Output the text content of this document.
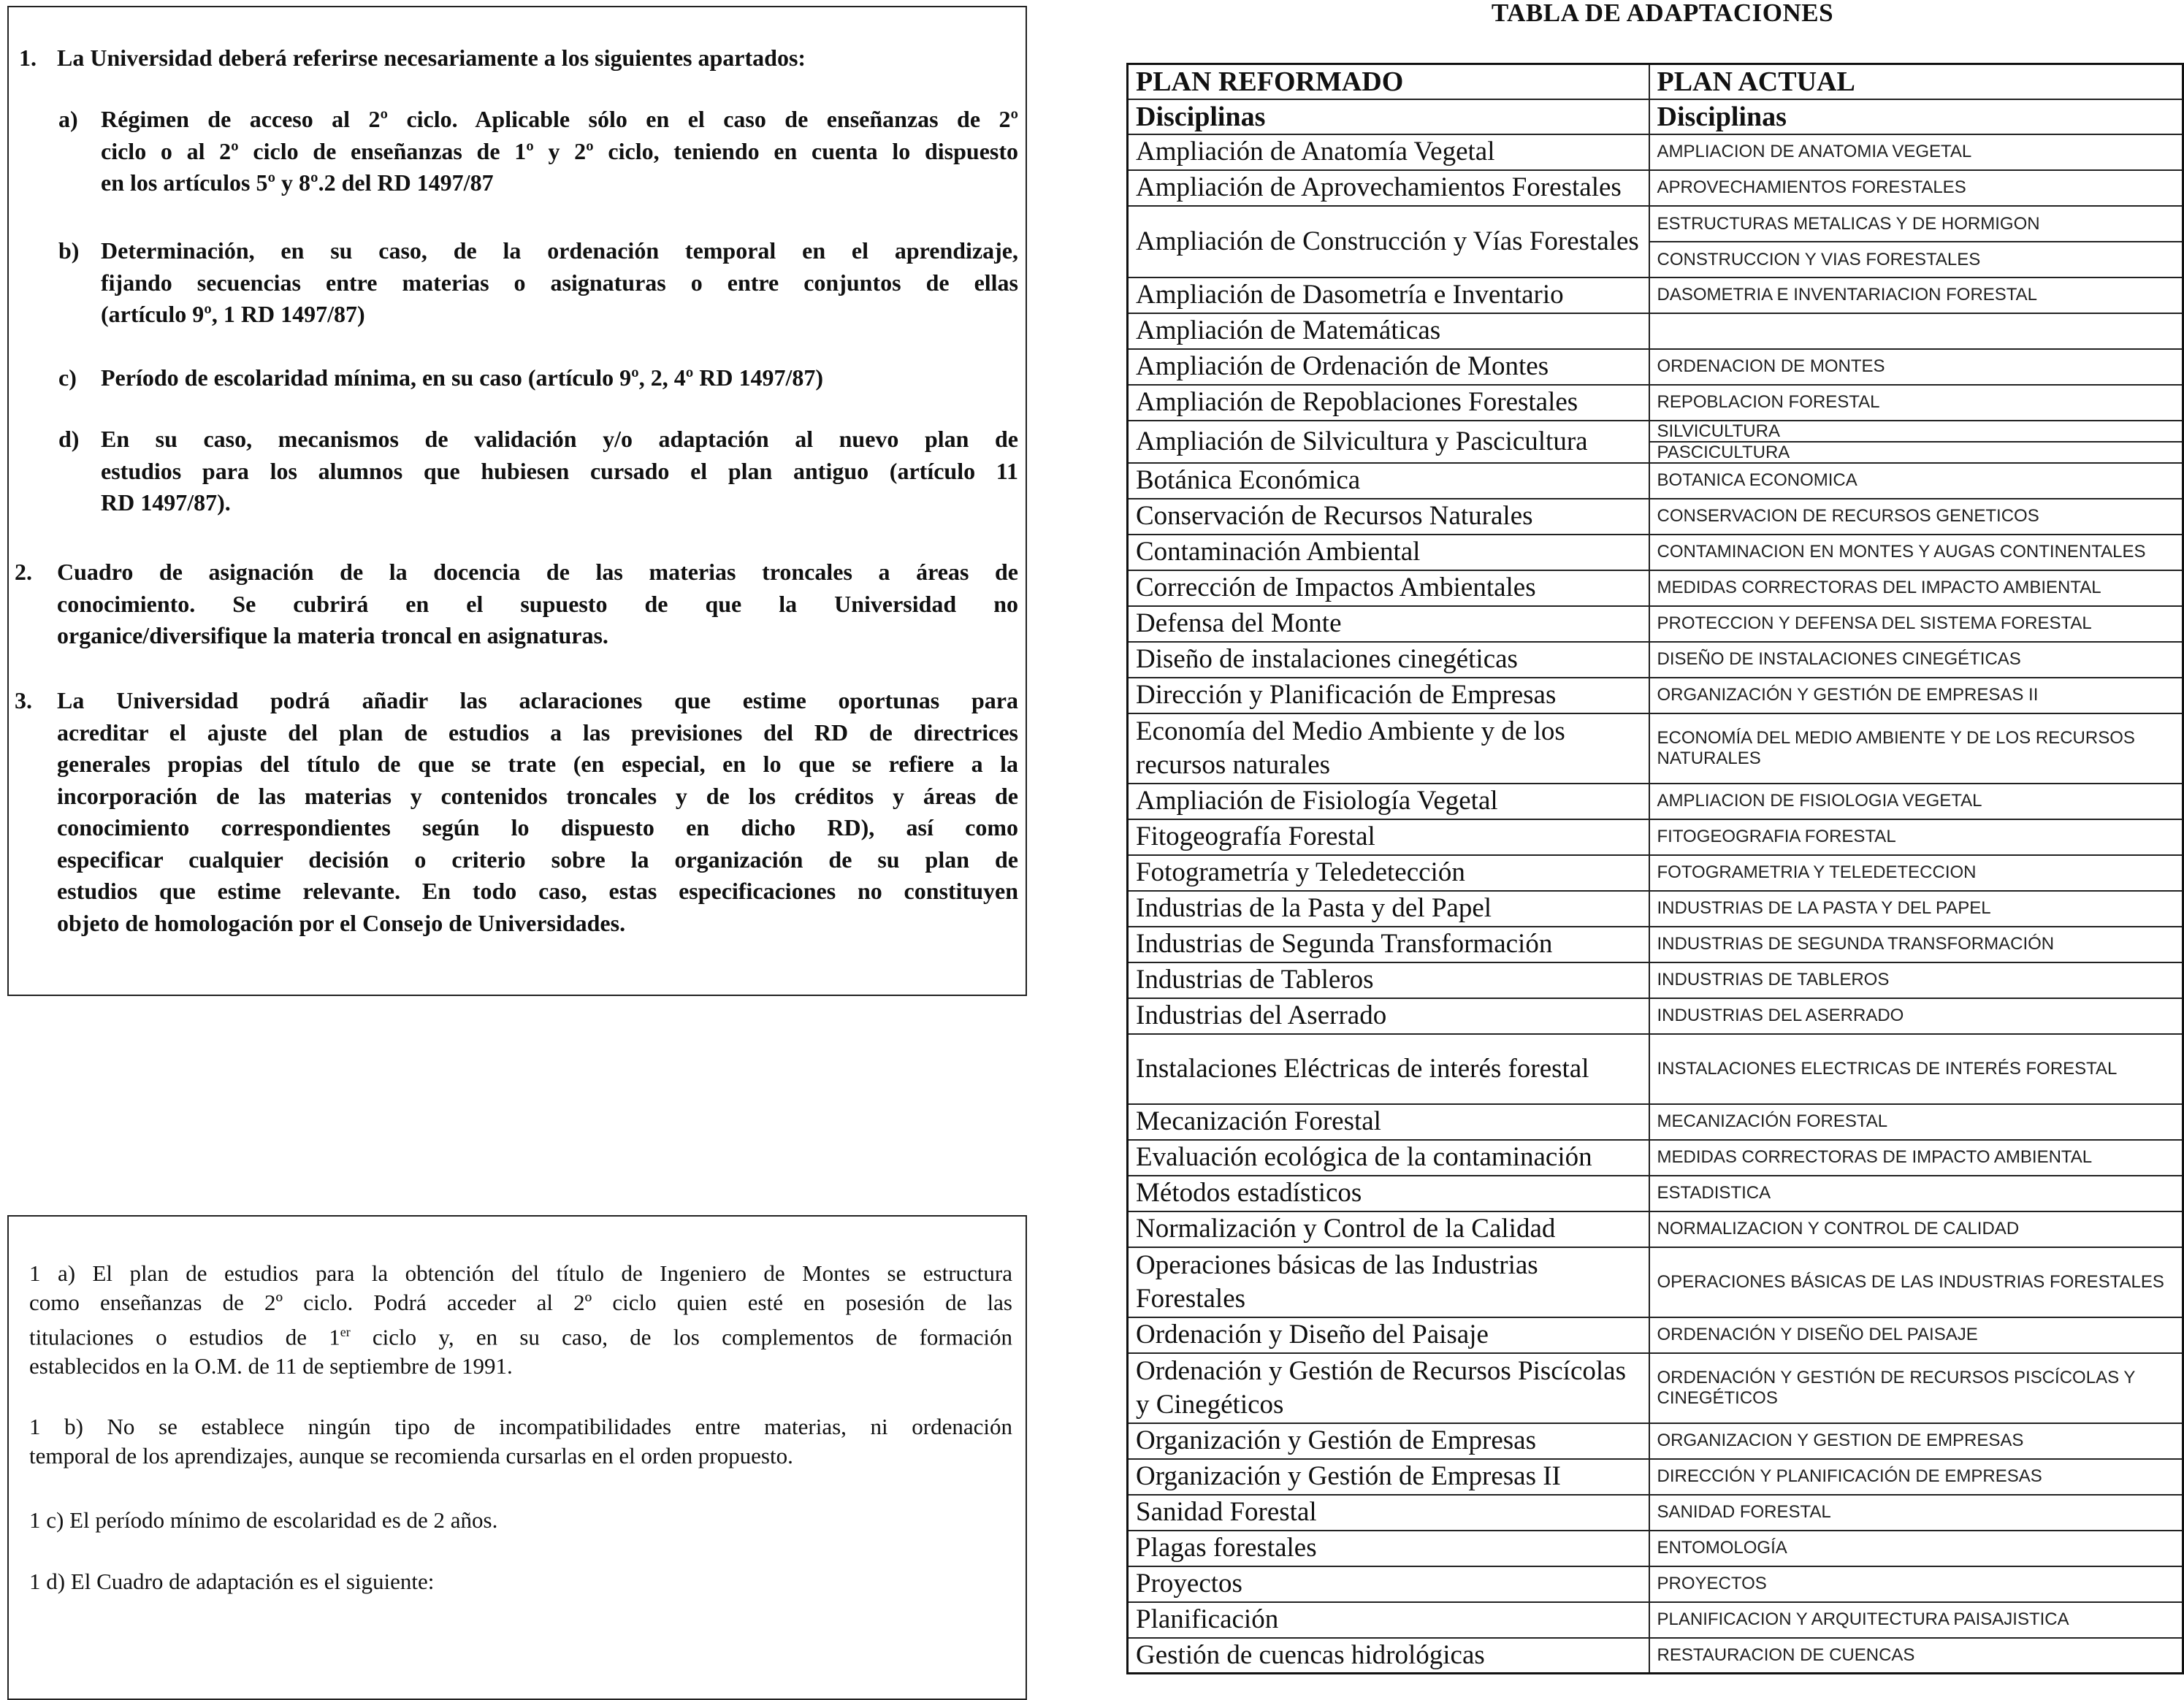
1. La Universidad deberá referirse necesariamente a los siguientes apartados:
a) Régimen de acceso al 2º ciclo. Aplicable sólo en el caso de enseñanzas de 2º
ciclo o al 2º ciclo de enseñanzas de 1º y 2º ciclo, teniendo en cuenta lo dispuesto
en los artículos 5º y 8º.2 del RD 1497/87
b) Determinación, en su caso, de la ordenación temporal en el aprendizaje,
fijando secuencias entre materias o asignaturas o entre conjuntos de ellas
(artículo 9º, 1 RD 1497/87)
c) Período de escolaridad mínima, en su caso (artículo 9º, 2, 4º RD 1497/87)
d) En su caso, mecanismos de validación y/o adaptación al nuevo plan de
estudios para los alumnos que hubiesen cursado el plan antiguo (artículo 11
RD 1497/87).
2. Cuadro de asignación de la docencia de las materias troncales a áreas de
conocimiento. Se cubrirá en el supuesto de que la Universidad no
organice/diversifique la materia troncal en asignaturas.
3. La Universidad podrá añadir las aclaraciones que estime oportunas para
acreditar el ajuste del plan de estudios a las previsiones del RD de directrices
generales propias del título de que se trate (en especial, en lo que se refiere a la
incorporación de las materias y contenidos troncales y de los créditos y áreas de
conocimiento correspondientes según lo dispuesto en dicho RD), así como
especificar cualquier decisión o criterio sobre la organización de su plan de
estudios que estime relevante. En todo caso, estas especificaciones no constituyen
objeto de homologación por el Consejo de Universidades.
1 a) El plan de estudios para la obtención del título de Ingeniero de Montes se estructura
como enseñanzas de 2º ciclo. Podrá acceder al 2º ciclo quien esté en posesión de las
titulaciones o estudios de 1er ciclo y, en su caso, de los complementos de formación
establecidos en la O.M. de 11 de septiembre de 1991.
1 b) No se establece ningún tipo de incompatibilidades entre materias, ni ordenación
temporal de los aprendizajes, aunque se recomienda cursarlas en el orden propuesto.
1 c) El período mínimo de escolaridad es de 2 años.
1 d) El Cuadro de adaptación es el siguiente:
TABLA DE ADAPTACIONES
PLAN REFORMADO	PLAN ACTUAL
Disciplinas	Disciplinas
Ampliación de Anatomía Vegetal	AMPLIACION DE ANATOMIA VEGETAL
Ampliación de Aprovechamientos Forestales	APROVECHAMIENTOS FORESTALES
Ampliación de Construcción y Vías Forestales	ESTRUCTURAS METALICAS Y DE HORMIGON
CONSTRUCCION Y VIAS FORESTALES

Ampliación de Dasometría e Inventario	DASOMETRIA E INVENTARIACION FORESTAL
Ampliación de Matemáticas	
Ampliación de Ordenación de Montes	ORDENACION DE MONTES
Ampliación de Repoblaciones Forestales	REPOBLACION FORESTAL
Ampliación de Silvicultura y Pascicultura	SILVICULTURA
PASCICULTURA

Botánica Económica	BOTANICA ECONOMICA
Conservación de Recursos Naturales	CONSERVACION DE RECURSOS GENETICOS
Contaminación Ambiental	CONTAMINACION EN MONTES Y AUGAS CONTINENTALES
Corrección de Impactos Ambientales	MEDIDAS CORRECTORAS DEL IMPACTO AMBIENTAL
Defensa del Monte	PROTECCION Y DEFENSA DEL SISTEMA FORESTAL
Diseño de instalaciones cinegéticas	DISEÑO DE INSTALACIONES CINEGÉTICAS
Dirección y Planificación de Empresas	ORGANIZACIÓN Y GESTIÓN DE EMPRESAS II
Economía del Medio Ambiente y de los recursos naturales	ECONOMÍA DEL MEDIO AMBIENTE Y DE LOS RECURSOS NATURALES
Ampliación de Fisiología Vegetal	AMPLIACION DE FISIOLOGIA VEGETAL
Fitogeografía Forestal	FITOGEOGRAFIA FORESTAL
Fotogrametría y Teledetección	FOTOGRAMETRIA Y TELEDETECCION
Industrias de la Pasta y del Papel	INDUSTRIAS DE LA PASTA Y DEL PAPEL
Industrias de Segunda Transformación	INDUSTRIAS DE SEGUNDA TRANSFORMACIÓN
Industrias de Tableros	INDUSTRIAS DE TABLEROS
Industrias del Aserrado	INDUSTRIAS DEL ASERRADO
Instalaciones Eléctricas de interés forestal	INSTALACIONES ELECTRICAS DE INTERÉS FORESTAL
Mecanización Forestal	MECANIZACIÓN FORESTAL
Evaluación ecológica de la contaminación	MEDIDAS CORRECTORAS DE IMPACTO AMBIENTAL
Métodos estadísticos	ESTADISTICA
Normalización y Control de la Calidad	NORMALIZACION Y CONTROL DE CALIDAD
Operaciones básicas de las Industrias Forestales	OPERACIONES BÁSICAS DE LAS INDUSTRIAS FORESTALES
Ordenación y Diseño del Paisaje	ORDENACIÓN Y DISEÑO DEL PAISAJE
Ordenación y Gestión de Recursos Piscícolas y Cinegéticos	ORDENACIÓN Y GESTIÓN DE RECURSOS PISCÍCOLAS Y CINEGÉTICOS
Organización y Gestión de Empresas	ORGANIZACION Y GESTION DE EMPRESAS
Organización y Gestión de Empresas II	DIRECCIÓN Y PLANIFICACIÓN DE EMPRESAS
Sanidad Forestal	SANIDAD FORESTAL
Plagas forestales	ENTOMOLOGÍA
Proyectos	PROYECTOS
Planificación	PLANIFICACION Y ARQUITECTURA PAISAJISTICA
Gestión de cuencas hidrológicas	RESTAURACION DE CUENCAS
